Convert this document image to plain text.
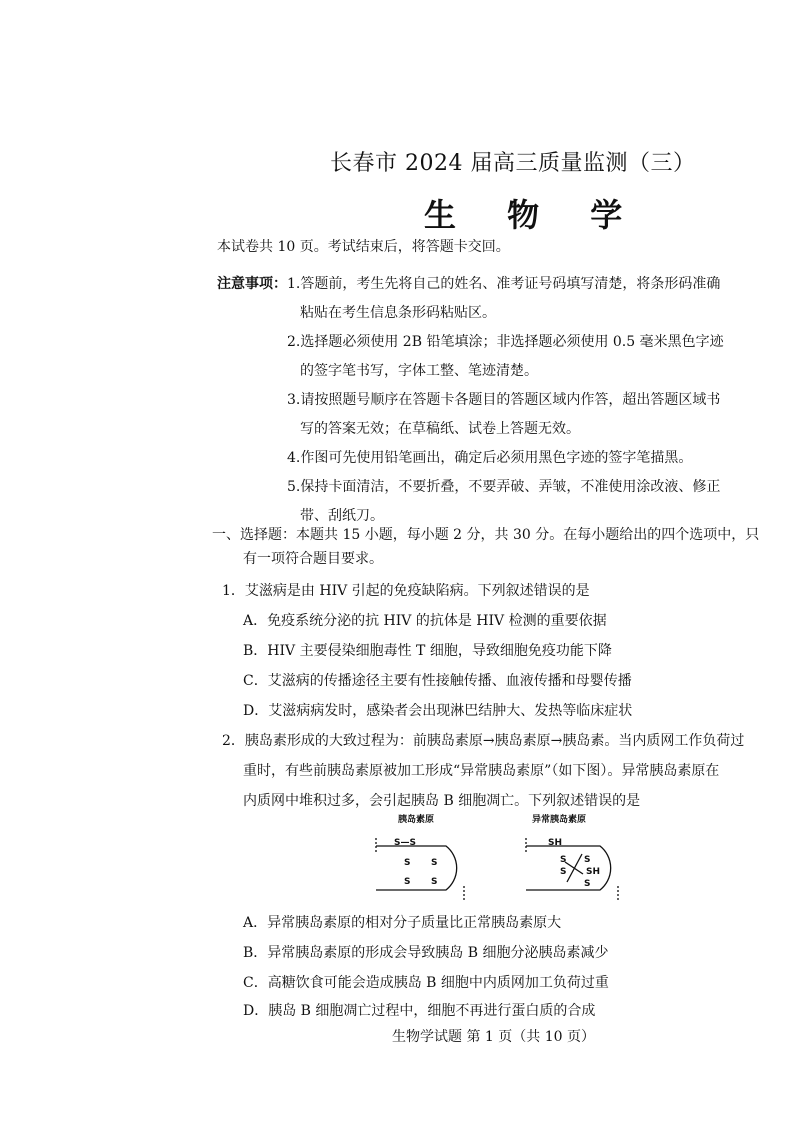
长春市 2024 届高三质量监测（三）
生 物 学
本试卷共 10 页。考试结束后，将答题卡交回。
注意事项： 1.答题前，考生先将自己的姓名、准考证号码填写清楚，将条形码准确
粘贴在考生信息条形码粘贴区。
2.选择题必须使用 2B 铅笔填涂；非选择题必须使用 0.5 毫米黑色字迹
的签字笔书写，字体工整、笔迹清楚。
3.请按照题号顺序在答题卡各题目的答题区域内作答，超出答题区域书
写的答案无效；在草稿纸、试卷上答题无效。
4.作图可先使用铅笔画出，确定后必须用黑色字迹的签字笔描黑。
5.保持卡面清洁，不要折叠，不要弄破、弄皱，不准使用涂改液、修正
带、刮纸刀。
一、选择题：本题共 15 小题，每小题 2 分，共 30 分。在每小题给出的四个选项中，只
有一项符合题目要求。
1．艾滋病是由 HIV 引起的免疫缺陷病。下列叙述错误的是
A．免疫系统分泌的抗 HIV 的抗体是 HIV 检测的重要依据
B．HIV 主要侵染细胞毒性 T 细胞，导致细胞免疫功能下降
C．艾滋病的传播途径主要有性接触传播、血液传播和母婴传播
D．艾滋病病发时，感染者会出现淋巴结肿大、发热等临床症状
2．胰岛素形成的大致过程为：前胰岛素原→胰岛素原→胰岛素。当内质网工作负荷过
重时，有些前胰岛素原被加工形成“异常胰岛素原”（如下图）。异常胰岛素原在
内质网中堆积过多，会引起胰岛 B 细胞凋亡。下列叙述错误的是
胰岛素原	异常胰岛素原
S—S
S
S
S
S
SH
S
S SH
S
S
A．异常胰岛素原的相对分子质量比正常胰岛素原大
B．异常胰岛素原的形成会导致胰岛 B 细胞分泌胰岛素减少
C．高糖饮食可能会造成胰岛 B 细胞中内质网加工负荷过重
D．胰岛 B 细胞凋亡过程中，细胞不再进行蛋白质的合成
生物学试题 第 1 页（共 10 页）
